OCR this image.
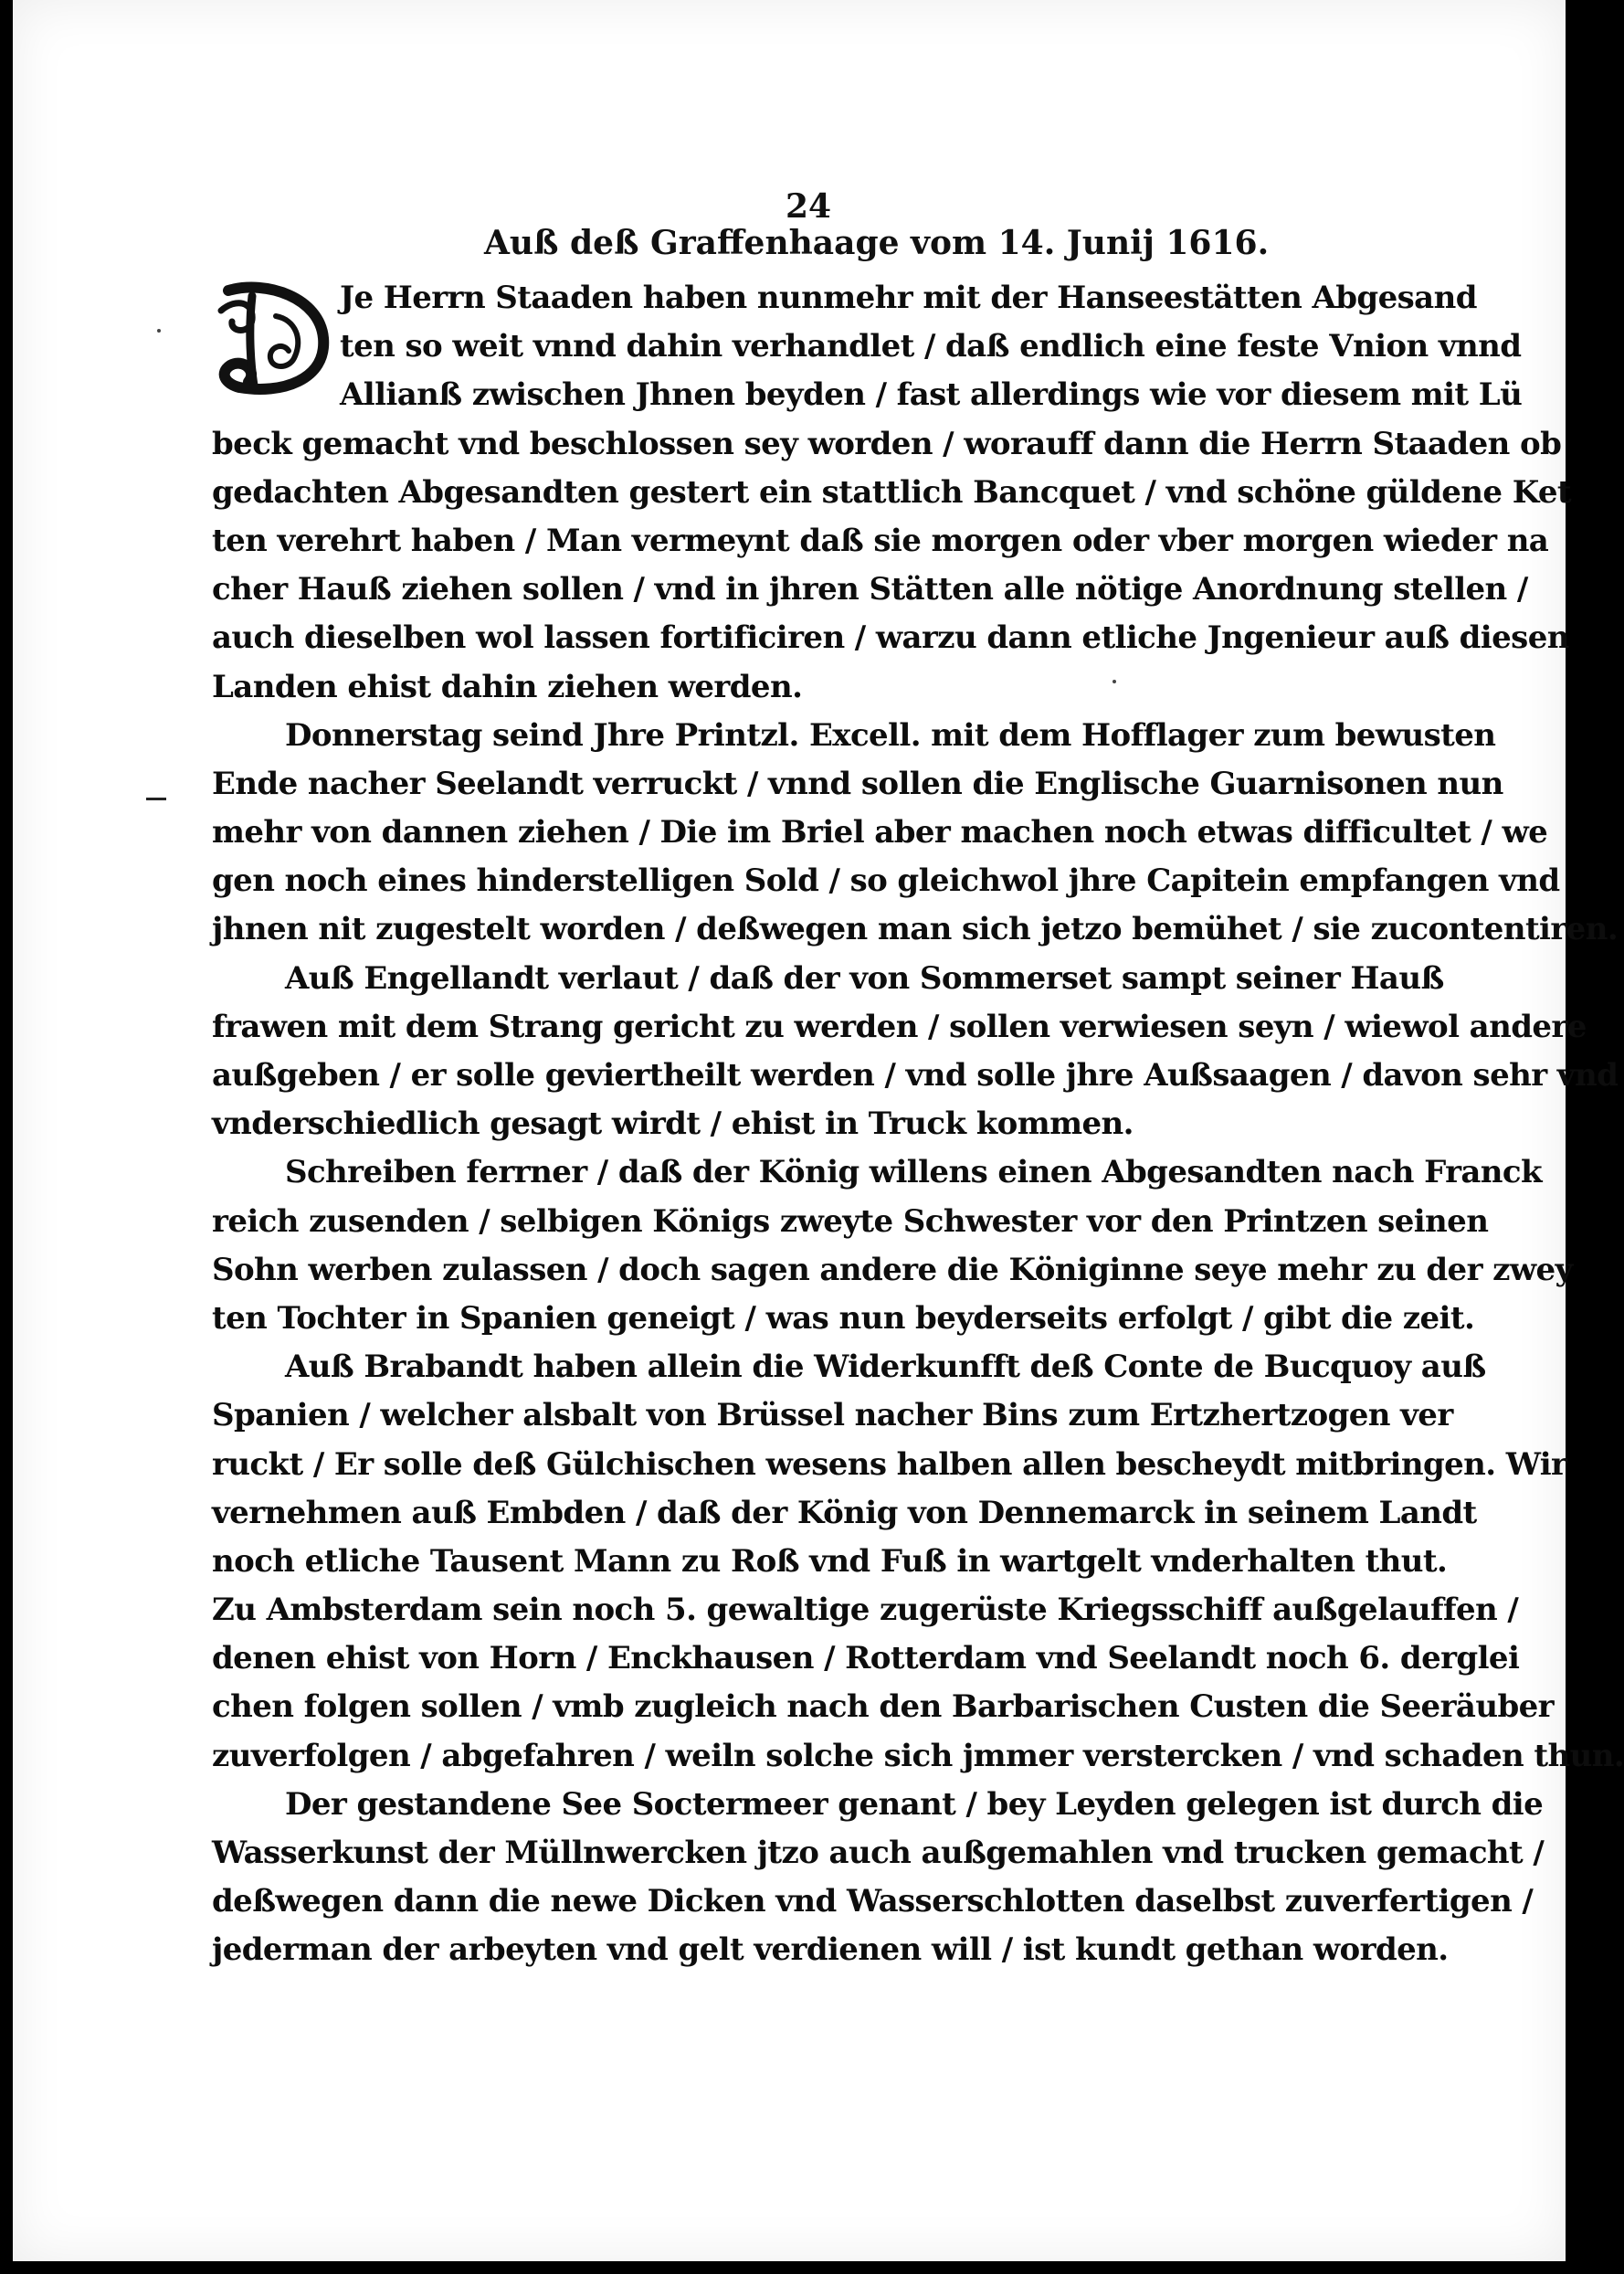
24
Auß deß Graffenhaage vom 14. Junij 1616.
Je Herrn Staaden haben nunmehr mit der Hanseestätten Abgesand
ten so weit vnnd dahin verhandlet / daß endlich eine feste Vnion vnnd
Allianß zwischen Jhnen beyden / fast allerdings wie vor diesem mit Lü
beck gemacht vnd beschlossen sey worden / worauff dann die Herrn Staaden ob
gedachten Abgesandten gestert ein stattlich Bancquet / vnd schöne güldene Ket
ten verehrt haben / Man vermeynt daß sie morgen oder vber morgen wieder na
cher Hauß ziehen sollen / vnd in jhren Stätten alle nötige Anordnung stellen /
auch dieselben wol lassen fortificiren / warzu dann etliche Jngenieur auß diesen
Landen ehist dahin ziehen werden.
Donnerstag seind Jhre Printzl. Excell. mit dem Hofflager zum bewusten
Ende nacher Seelandt verruckt / vnnd sollen die Englische Guarnisonen nun
mehr von dannen ziehen / Die im Briel aber machen noch etwas difficultet / we
gen noch eines hinderstelligen Sold / so gleichwol jhre Capitein empfangen vnd
jhnen nit zugestelt worden / deßwegen man sich jetzo bemühet / sie zucontentiren.
Auß Engellandt verlaut / daß der von Sommerset sampt seiner Hauß
frawen mit dem Strang gericht zu werden / sollen verwiesen seyn / wiewol andere
außgeben / er solle geviertheilt werden / vnd solle jhre Außsaagen / davon sehr vnd
vnderschiedlich gesagt wirdt / ehist in Truck kommen.
Schreiben ferrner / daß der König willens einen Abgesandten nach Franck
reich zusenden / selbigen Königs zweyte Schwester vor den Printzen seinen
Sohn werben zulassen / doch sagen andere die Königinne seye mehr zu der zwey
ten Tochter in Spanien geneigt / was nun beyderseits erfolgt / gibt die zeit.
Auß Brabandt haben allein die Widerkunfft deß Conte de Bucquoy auß
Spanien / welcher alsbalt von Brüssel nacher Bins zum Ertzhertzogen ver
ruckt / Er solle deß Gülchischen wesens halben allen bescheydt mitbringen. Wir
vernehmen auß Embden / daß der König von Dennemarck in seinem Landt
noch etliche Tausent Mann zu Roß vnd Fuß in wartgelt vnderhalten thut.
Zu Ambsterdam sein noch 5. gewaltige zugerüste Kriegsschiff außgelauffen /
denen ehist von Horn / Enckhausen / Rotterdam vnd Seelandt noch 6. derglei
chen folgen sollen / vmb zugleich nach den Barbarischen Custen die Seeräuber
zuverfolgen / abgefahren / weiln solche sich jmmer verstercken / vnd schaden thun.
Der gestandene See Soctermeer genant / bey Leyden gelegen ist durch die
Wasserkunst der Müllnwercken jtzo auch außgemahlen vnd trucken gemacht /
deßwegen dann die newe Dicken vnd Wasserschlotten daselbst zuverfertigen /
jederman der arbeyten vnd gelt verdienen will / ist kundt gethan worden.
